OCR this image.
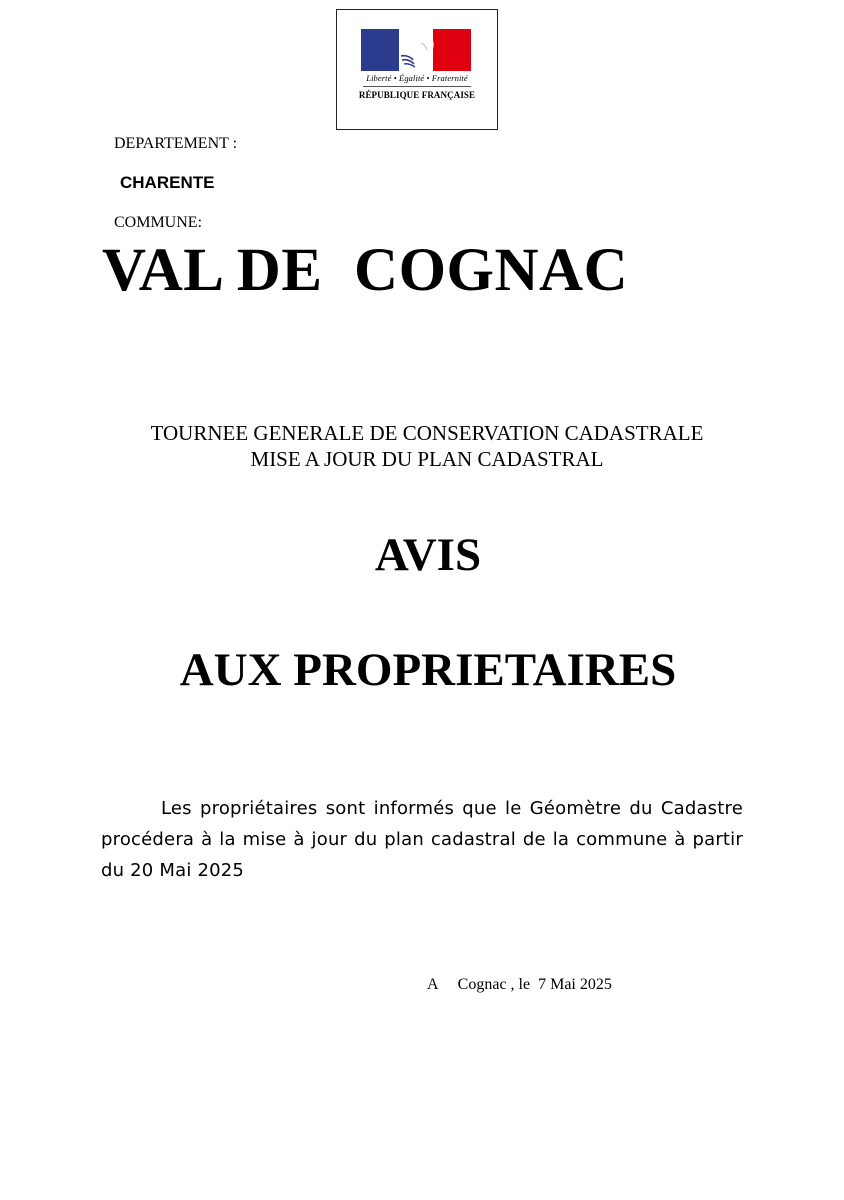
Liberté • Égalité • Fraternité
RÉPUBLIQUE FRANÇAISE
DEPARTEMENT :
CHARENTE
COMMUNE:
VAL DE  COGNAC
TOURNEE GENERALE DE CONSERVATION CADASTRALE
MISE A JOUR DU PLAN CADASTRAL
AVIS
AUX PROPRIETAIRES
Les propriétaires sont informés que le Géomètre du Cadastre procédera à la mise à jour du plan cadastral de la commune à partir du 20 Mai 2025
A     Cognac , le  7 Mai 2025
